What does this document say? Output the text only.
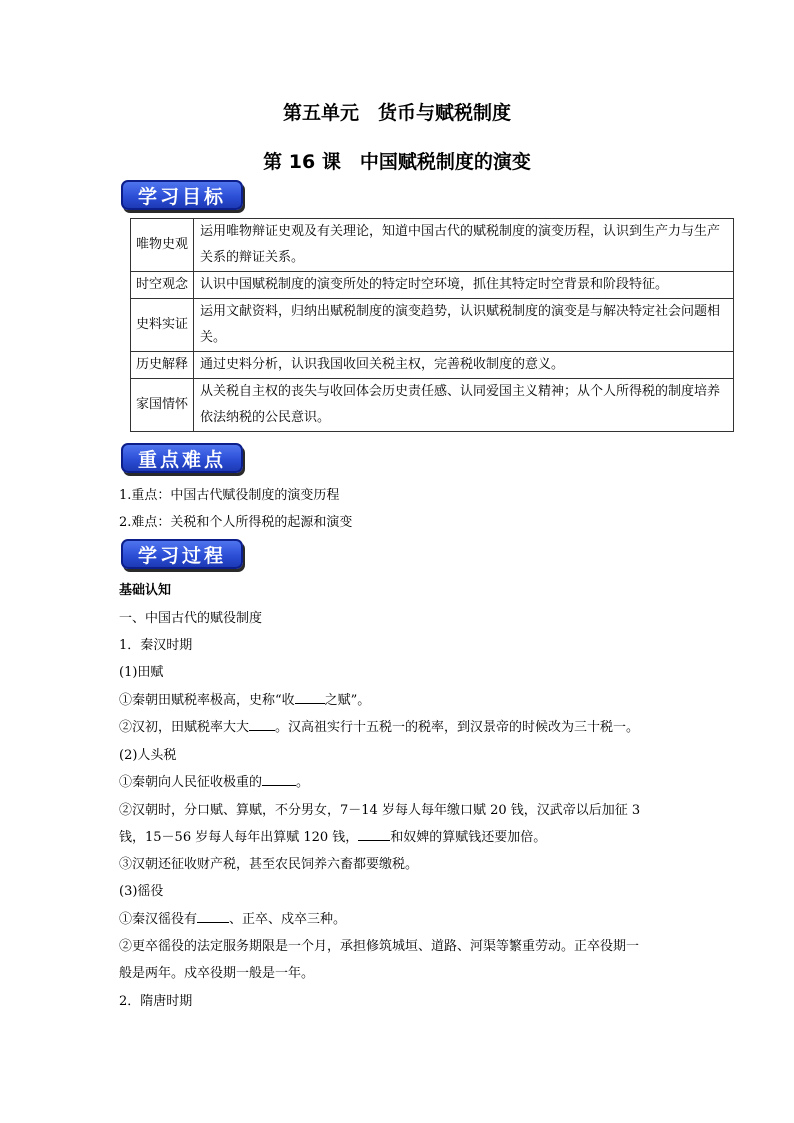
第五单元　货币与赋税制度
第 16 课　中国赋税制度的演变
学习目标
唯物史观	运用唯物辩证史观及有关理论，知道中国古代的赋税制度的演变历程，认识到生产力与生产关系的辩证关系。
时空观念	认识中国赋税制度的演变所处的特定时空环境，抓住其特定时空背景和阶段特征。
史料实证	运用文献资料，归纳出赋税制度的演变趋势，认识赋税制度的演变是与解决特定社会问题相关。
历史解释	通过史料分析，认识我国收回关税主权，完善税收制度的意义。
家国情怀	从关税自主权的丧失与收回体会历史责任感、认同爱国主义精神；从个人所得税的制度培养依法纳税的公民意识。
重点难点
1.重点：中国古代赋役制度的演变历程
2.难点：关税和个人所得税的起源和演变
学习过程
基础认知
一、中国古代的赋役制度
1．秦汉时期
(1)田赋
①秦朝田赋税率极高，史称“收 之赋”。
②汉初，田赋税率大大 。汉高祖实行十五税一的税率，到汉景帝的时候改为三十税一。
(2)人头税
①秦朝向人民征收极重的	。
②汉朝时，分口赋、算赋，不分男女，7－14 岁每人每年缴口赋 20 钱，汉武帝以后加征 3
钱，15－56 岁每人每年出算赋 120 钱， 和奴婢的算赋钱还要加倍。
③汉朝还征收财产税，甚至农民饲养六畜都要缴税。
(3)徭役
①秦汉徭役有 、正卒、戍卒三种。
②更卒徭役的法定服务期限是一个月，承担修筑城垣、道路、河渠等繁重劳动。正卒役期一
般是两年。戍卒役期一般是一年。
2．隋唐时期
